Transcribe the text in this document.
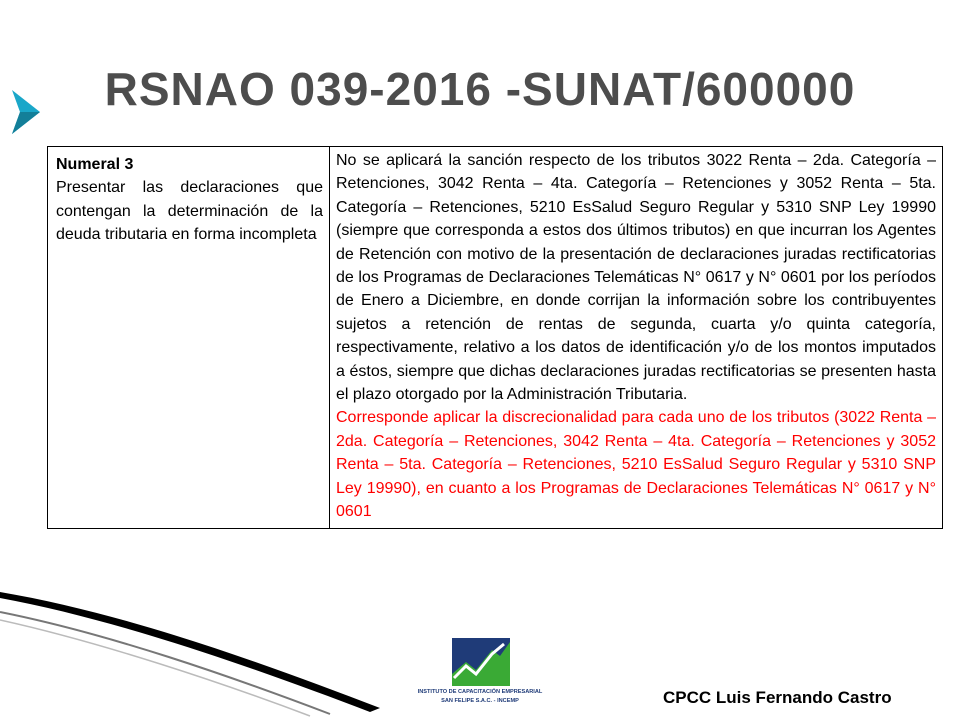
RSNAO 039-2016 -SUNAT/600000
Numeral 3
Presentar las declaraciones que contengan la determinación de la deuda tributaria en forma incompleta

No se aplicará la sanción respecto de los tributos 3022 Renta – 2da. Categoría – Retenciones, 3042 Renta – 4ta. Categoría – Retenciones y 3052 Renta – 5ta. Categoría – Retenciones, 5210 EsSalud Seguro Regular y 5310 SNP Ley 19990 (siempre que corresponda a estos dos últimos tributos) en que incurran los Agentes de Retención con motivo de la presentación de declaraciones juradas rectificatorias de los Programas de Declaraciones Telemáticas N° 0617 y N° 0601 por los períodos de Enero a Diciembre, en donde corrijan la información sobre los contribuyentes sujetos a retención de rentas de segunda, cuarta y/o quinta categoría, respectivamente, relativo a los datos de identificación y/o de los montos imputados a éstos, siempre que dichas declaraciones juradas rectificatorias se presenten hasta el plazo otorgado por la Administración Tributaria.
Corresponde aplicar la discrecionalidad para cada uno de los tributos (3022 Renta – 2da. Categoría – Retenciones, 3042 Renta – 4ta. Categoría – Retenciones y 3052 Renta – 5ta. Categoría – Retenciones, 5210 EsSalud Seguro Regular y 5310 SNP Ley 19990), en cuanto a los Programas de Declaraciones Telemáticas N° 0617 y N° 0601
INSTITUTO DE CAPACITACIÓN EMPRESARIAL
SAN FELIPE S.A.C. - INCEMP	CPCC Luis Fernando Castro
